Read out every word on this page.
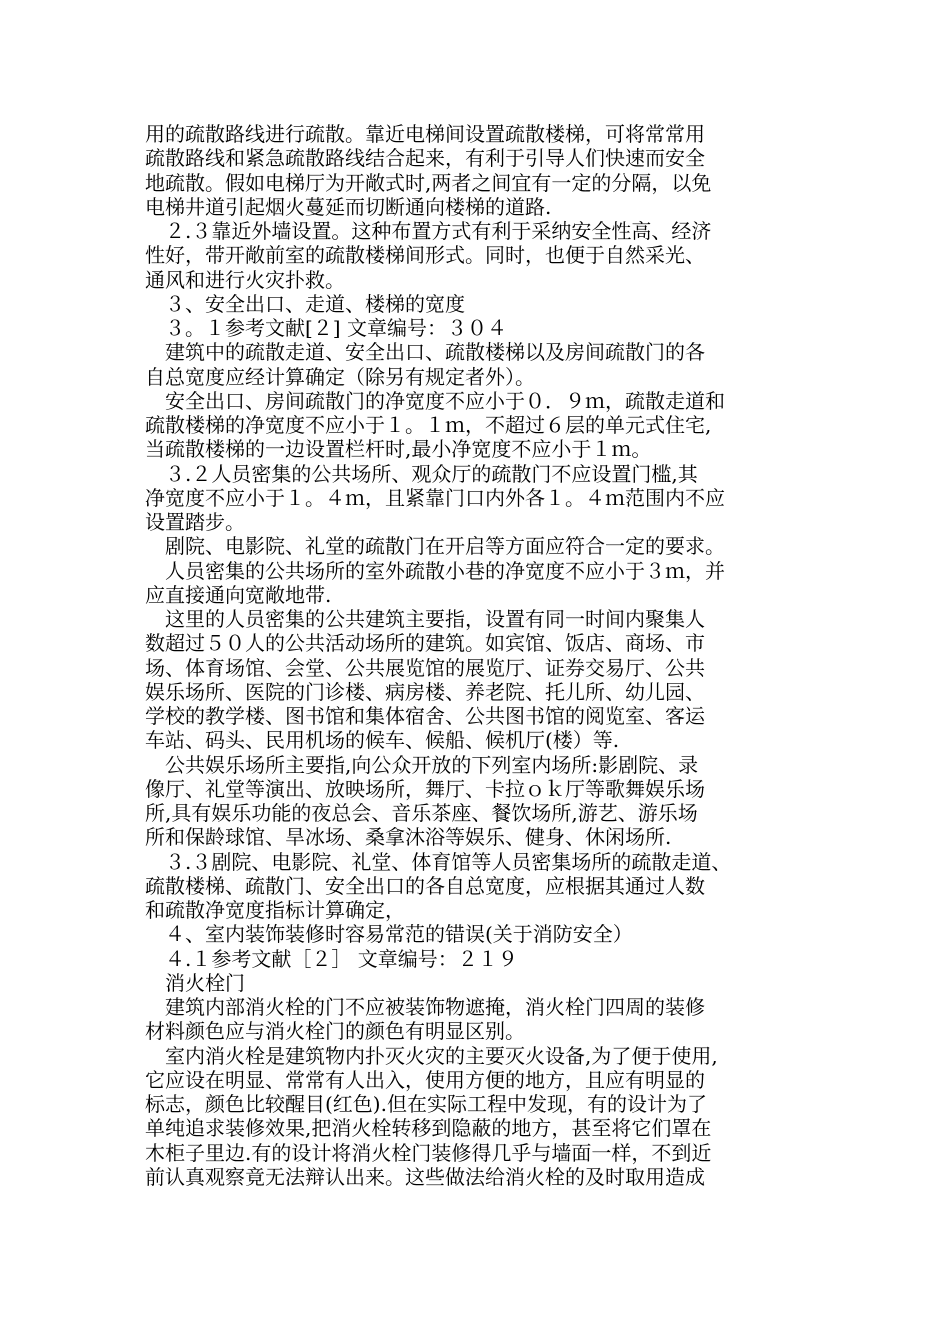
用的疏散路线进行疏散。靠近电梯间设置疏散楼梯，可将常常用
疏散路线和紧急疏散路线结合起来，有利于引导人们快速而安全
地疏散。假如电梯厅为开敞式时,两者之间宜有一定的分隔，以免
电梯井道引起烟火蔓延而切断通向楼梯的道路.
　２.３靠近外墙设置。这种布置方式有利于采纳安全性高、经济
性好，带开敞前室的疏散楼梯间形式。同时，也便于自然采光、
通风和进行火灾扑救。
　３、安全出口、走道、楼梯的宽度
　３。１参考文献[２] 文章编号：３０４
　建筑中的疏散走道、安全出口、疏散楼梯以及房间疏散门的各
自总宽度应经计算确定（除另有规定者外）。
　安全出口、房间疏散门的净宽度不应小于０．９ｍ，疏散走道和
疏散楼梯的净宽度不应小于１。１ｍ，不超过６层的单元式住宅,
当疏散楼梯的一边设置栏杆时,最小净宽度不应小于１ｍ。
　３.２人员密集的公共场所、观众厅的疏散门不应设置门槛,其
净宽度不应小于１。４ｍ，且紧靠门口内外各１。４ｍ范围内不应
设置踏步。
　剧院、电影院、礼堂的疏散门在开启等方面应符合一定的要求。
　人员密集的公共场所的室外疏散小巷的净宽度不应小于３ｍ，并
应直接通向宽敞地带.
　这里的人员密集的公共建筑主要指，设置有同一时间内聚集人
数超过５０人的公共活动场所的建筑。如宾馆、饭店、商场、市
场、体育场馆、会堂、公共展览馆的展览厅、证券交易厅、公共
娱乐场所、医院的门诊楼、病房楼、养老院、托儿所、幼儿园、
学校的教学楼、图书馆和集体宿舍、公共图书馆的阅览室、客运
车站、码头、民用机场的候车、候船、候机厅(楼）等.
　公共娱乐场所主要指,向公众开放的下列室内场所:影剧院、录
像厅、礼堂等演出、放映场所，舞厅、卡拉ｏｋ厅等歌舞娱乐场
所,具有娱乐功能的夜总会、音乐茶座、餐饮场所,游艺、游乐场
所和保龄球馆、旱冰场、桑拿沐浴等娱乐、健身、休闲场所.
　３.３剧院、电影院、礼堂、体育馆等人员密集场所的疏散走道、
疏散楼梯、疏散门、安全出口的各自总宽度，应根据其通过人数
和疏散净宽度指标计算确定，
　４、室内装饰装修时容易常范的错误(关于消防安全）
　４.１参考文献［２］ 文章编号：２１９
　消火栓门
　建筑内部消火栓的门不应被装饰物遮掩，消火栓门四周的装修
材料颜色应与消火栓门的颜色有明显区别。
　室内消火栓是建筑物内扑灭火灾的主要灭火设备,为了便于使用,
它应设在明显、常常有人出入，使用方便的地方，且应有明显的
标志，颜色比较醒目(红色).但在实际工程中发现，有的设计为了
单纯追求装修效果,把消火栓转移到隐蔽的地方，甚至将它们罩在
木柜子里边.有的设计将消火栓门装修得几乎与墙面一样，不到近
前认真观察竟无法辩认出来。这些做法给消火栓的及时取用造成
